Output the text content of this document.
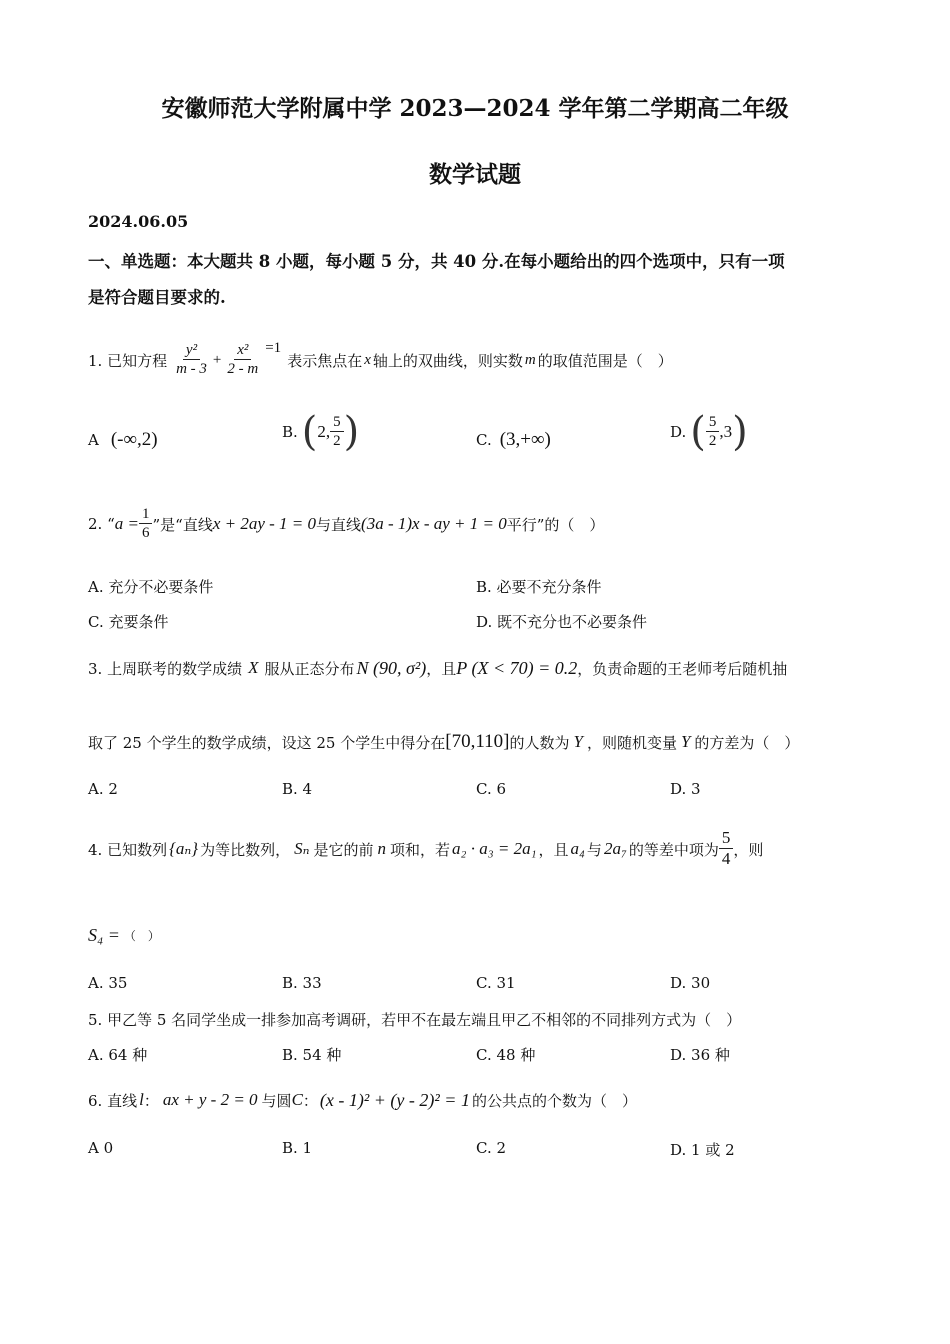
安徽师范大学附属中学 2023—2024 学年第二学期高二年级
数学试题
2024.06.05
一、单选题：本大题共 8 小题，每小题 5 分，共 40 分.在每小题给出的四个选项中，只有一项
是符合题目要求的.
1. 已知方程 $\frac{\text{y²}}{m - 3} + \frac{\text{x²}}{2 - m} =1$
表示焦点在 x 轴上的双曲线，则实数 m 的取值范围是（　）
A (-∞,2)	B. ( 2, $\frac{5}{2}$ )	C. (3,+∞)	D. ( $\frac{5}{2} ,3$ )
2. “ $a = \frac{1}{6}$ ”是“直线 x + 2ay - 1 = 0 与直线 (3a - 1)x - ay + 1 = 0 平行”的（　）
A. 充分不必要条件	B. 必要不充分条件
C. 充要条件	D. 既不充分也不必要条件
3. 上周联考的数学成绩 X 服从正态分布 N (90, σ²) ，且 P (X < 70) = 0.2 ，负责命题的王老师考后随机抽
取了 25 个学生的数学成绩，设这 25 个学生中得分在 [70,110] 的人数为 Y ，则随机变量 Y 的方差为（　）
A. 2	B. 4	C. 6	D. 3
4. 已知数列 {aₙ} 为等比数列， Sₙ 是它的前 n 项和，若 a₂ · a₃ = 2a₁ ，且 a₄ 与 2a₇ 的等差中项为 $\frac{5}{4}$ ，则
S₄ = （　）
A. 35	B. 33	C. 31	D. 30
5. 甲乙等 5 名同学坐成一排参加高考调研，若甲不在最左端且甲乙不相邻的不同排列方式为（　）
A. 64 种	B. 54 种	C. 48 种	D. 36 种
6. 直线 l ： ax + y - 2 = 0 与圆 C ： (x - 1)² + (y - 2)² = 1 的公共点的个数为（　）
A 0	B. 1	C. 2	D. 1 或 2
